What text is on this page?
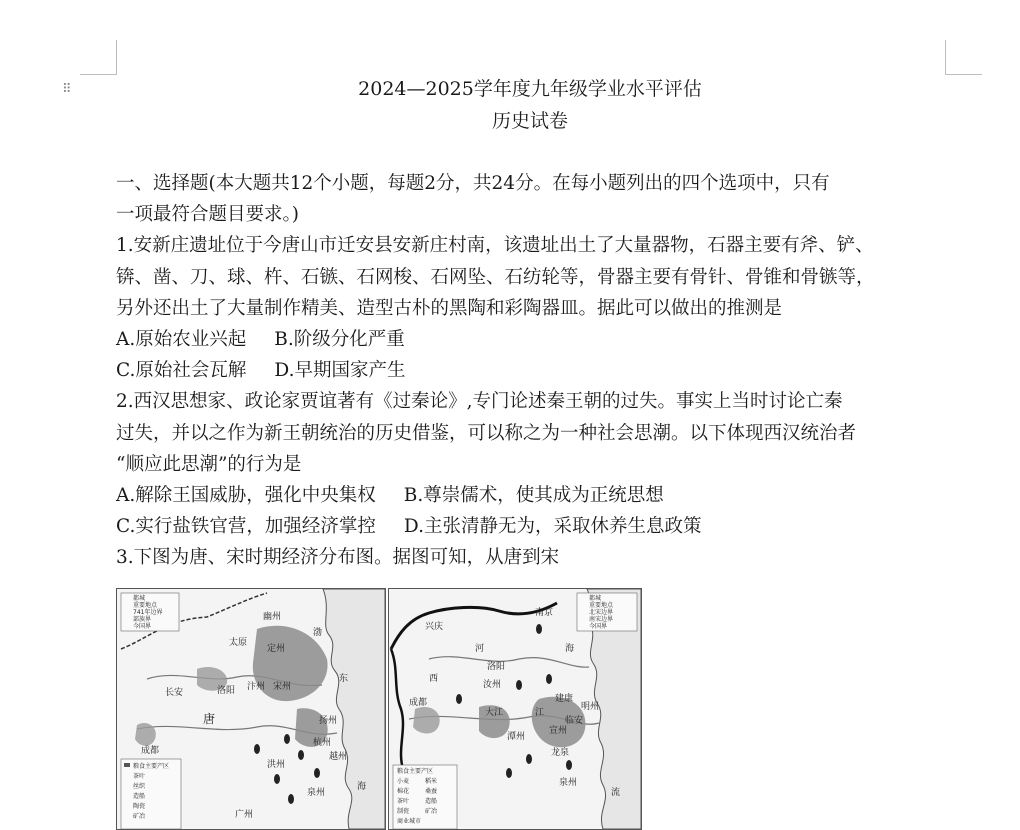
⠿	2024—2025学年度九年级学业水平评估
历史试卷
一、选择题(本大题共12个小题，每题2分，共24分。在每小题列出的四个选项中，只有
一项最符合题目要求。)
1.安新庄遗址位于今唐山市迁安县安新庄村南，该遗址出土了大量器物，石器主要有斧、铲、
锛、凿、刀、球、杵、石镞、石网梭、石网坠、石纺轮等，骨器主要有骨针、骨锥和骨镞等，
另外还出土了大量制作精美、造型古朴的黑陶和彩陶器皿。据此可以做出的推测是
A.原始农业兴起 B.阶级分化严重
C.原始社会瓦解 D.早期国家产生
2.西汉思想家、政论家贾谊著有《过秦论》,专门论述秦王朝的过失。事实上当时讨论亡秦
过失，并以之作为新王朝统治的历史借鉴，可以称之为一种社会思潮。以下体现西汉统治者
“顺应此思潮”的行为是
A.解除王国威胁，强化中央集权 B.尊崇儒术，使其成为正统思想
C.实行盐铁官营，加强经济掌控 D.主张清静无为，采取休养生息政策
3.下图为唐、宋时期经济分布图。据图可知，从唐到宋
都城
重要地点
741年边界
部族界
今国界
幽州
太原
定州
渤
长安	洛阳 汴州 宋州
东
唐	扬州
杭州
越州
泉州
广州
海
洪州
成都
粮食主要产区
茶叶
丝织
造船
陶瓷
矿冶
都城
重要地点
北宋边界
南宋边界
今国界
南京
兴庆
西
河
洛阳
汝州
海
成都
大江
潭州
江
建康
临安
明州
泉州
宣州
龙泉
流
粮食主要产区
小麦	稻米
棉花	桑蚕
茶叶	造船
制瓷	矿冶
商业城市
